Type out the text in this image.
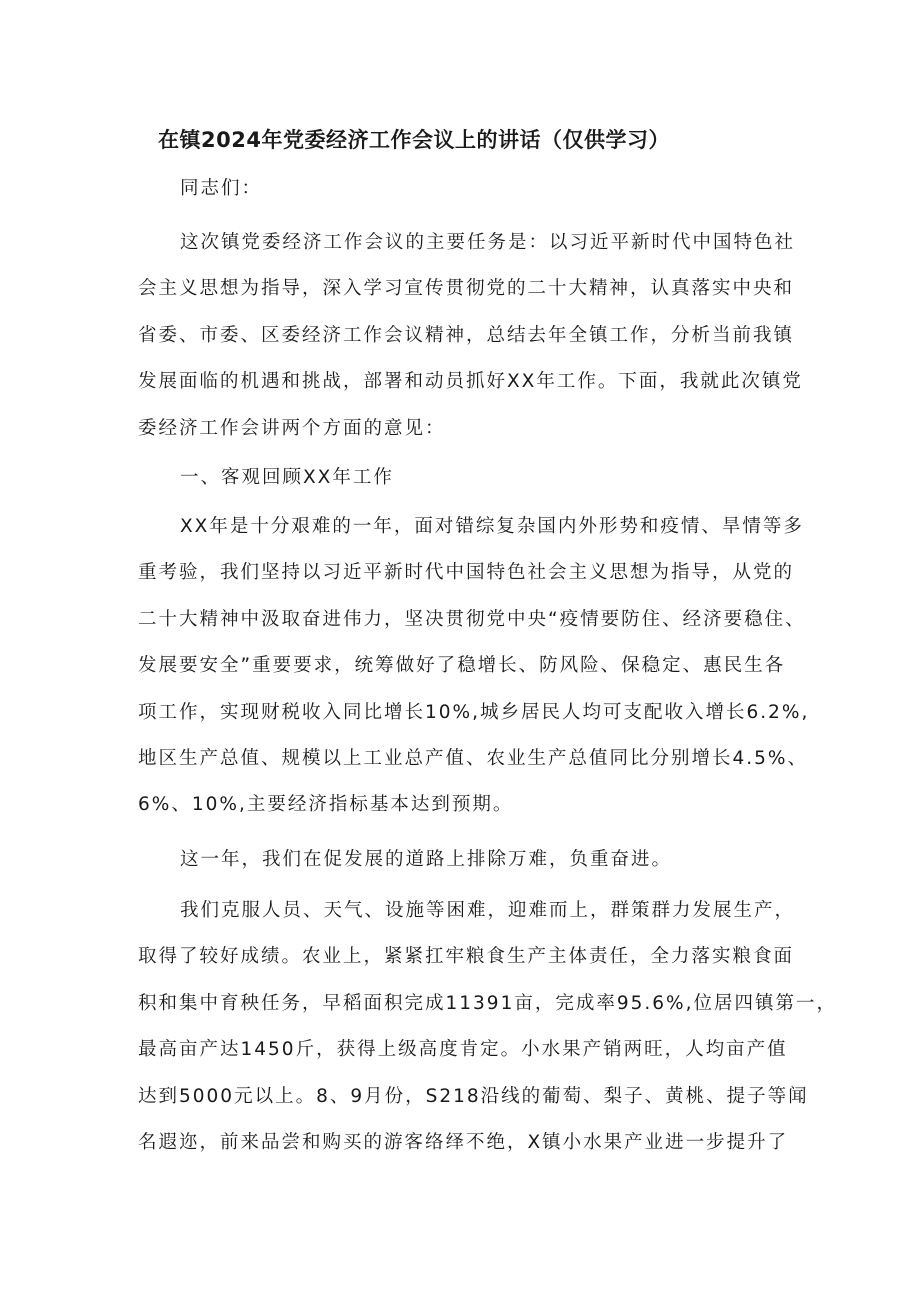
在镇2024年党委经济工作会议上的讲话（仅供学习）

同志们：

这次镇党委经济工作会议的主要任务是：以习近平新时代中国特色社
会主义思想为指导，深入学习宣传贯彻党的二十大精神，认真落实中央和
省委、市委、区委经济工作会议精神，总结去年全镇工作，分析当前我镇
发展面临的机遇和挑战，部署和动员抓好XX年工作。下面，我就此次镇党
委经济工作会讲两个方面的意见：

一、客观回顾XX年工作

XX年是十分艰难的一年，面对错综复杂国内外形势和疫情、旱情等多
重考验，我们坚持以习近平新时代中国特色社会主义思想为指导，从党的
二十大精神中汲取奋进伟力，坚决贯彻党中央“疫情要防住、经济要稳住、
发展要安全”重要要求，统筹做好了稳增长、防风险、保稳定、惠民生各
项工作，实现财税收入同比增长10%,城乡居民人均可支配收入增长6.2%,
地区生产总值、规模以上工业总产值、农业生产总值同比分别增长4.5%、
6%、10%,主要经济指标基本达到预期。

这一年，我们在促发展的道路上排除万难，负重奋进。

我们克服人员、天气、设施等困难，迎难而上，群策群力发展生产，
取得了较好成绩。农业上，紧紧扛牢粮食生产主体责任，全力落实粮食面
积和集中育秧任务，早稻面积完成11391亩，完成率95.6%,位居四镇第一，
最高亩产达1450斤，获得上级高度肯定。小水果产销两旺，人均亩产值
达到5000元以上。8、9月份，S218沿线的葡萄、梨子、黄桃、提子等闻
名遐迩，前来品尝和购买的游客络绎不绝，X镇小水果产业进一步提升了
